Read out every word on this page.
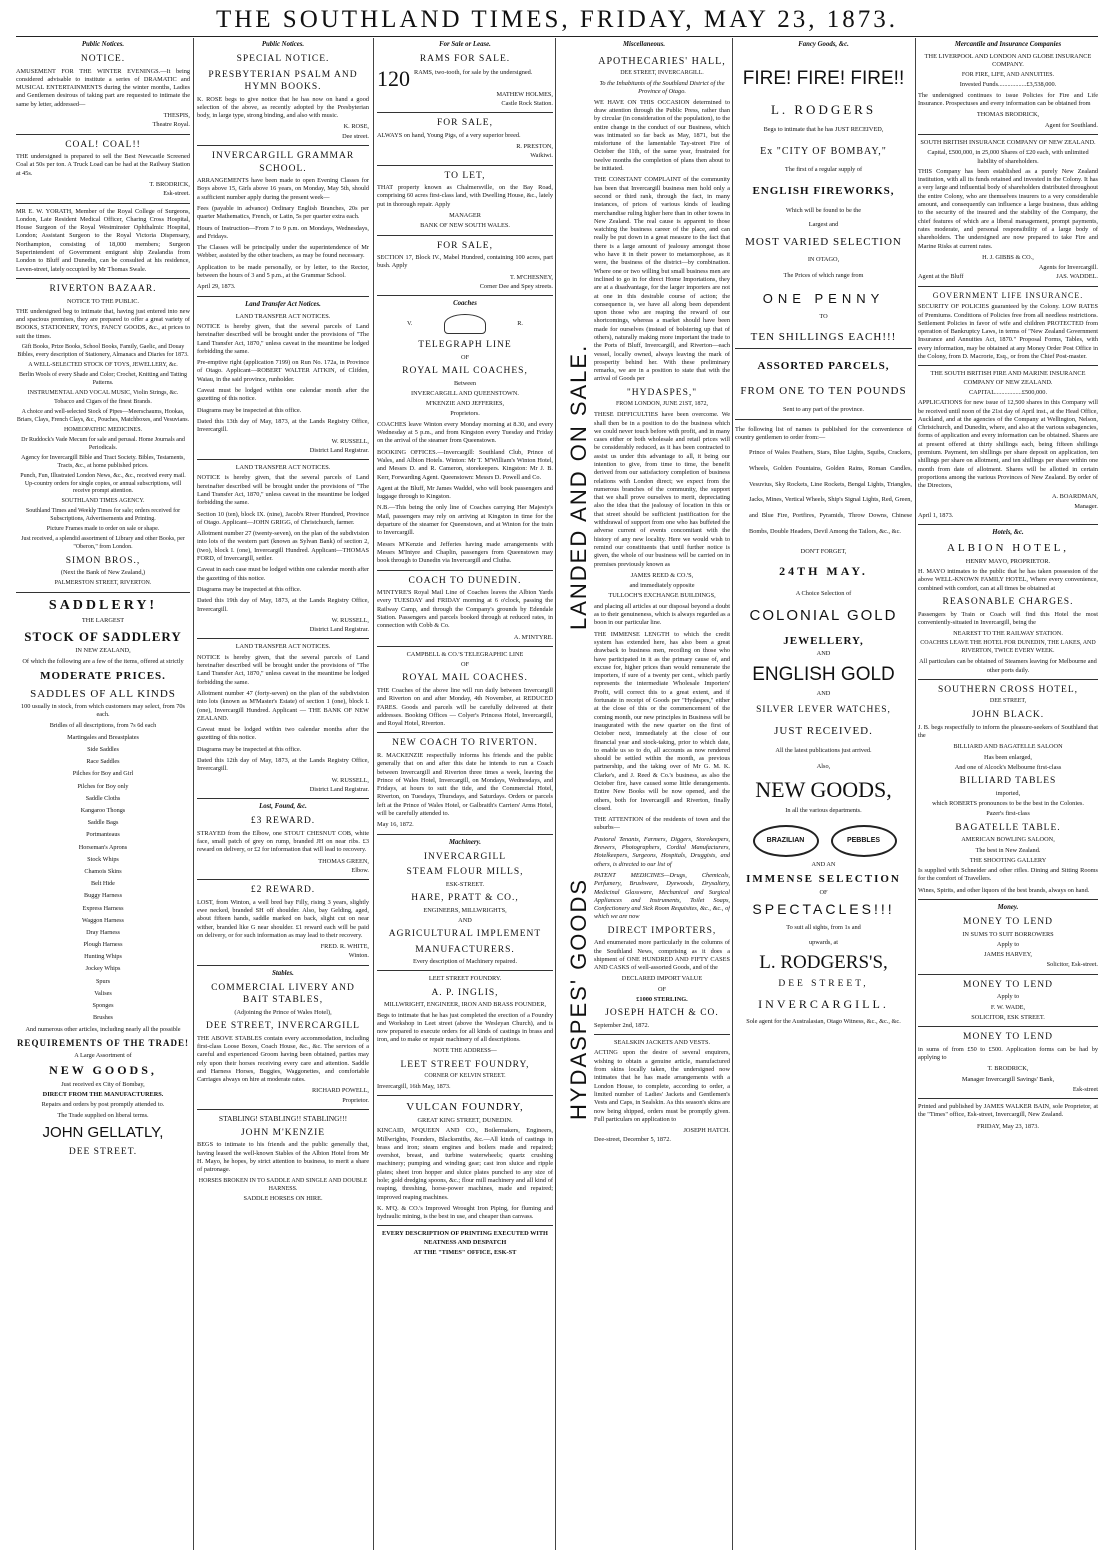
THE SOUTHLAND TIMES, FRIDAY, MAY 23, 1873.
Public Notices.
NOTICE.
AMUSEMENT FOR THE WINTER EVENINGS.—It being considered advisable to institute a series of DRAMATIC and MUSICAL ENTERTAINMENTS during the winter months, Ladies and Gentlemen desirous of taking part are requested to intimate the same by letter, addressed—
THESPIS,
Theatre Royal.
COAL! COAL!!
THE undersigned is prepared to sell the Best Newcastle Screened Coal at 50s per ton. A Truck Load can be had at the Railway Station at 45s.
T. BRODRICK,
Esk-street.
MR E. W. YORATH, Member of the Royal College of Surgeons, London, Late Resident Medical Officer, Charing Cross Hospital, House Surgeon of the Royal Westminster Ophthalmic Hospital, London; Assistant Surgeon to the Royal Victoria Dispensary, Northampton, consisting of 18,000 members; Surgeon Superintendent of Government emigrant ship Zealandia from London to Bluff and Dunedin, can be consulted at his residence, Leven-street, lately occupied by Mr Thomas Swale.
RIVERTON BAZAAR.
NOTICE TO THE PUBLIC.
THE undersigned beg to intimate that, having just entered into new and spacious premises, they are prepared to offer a great variety of BOOKS, STATIONERY, TOYS, FANCY GOODS, &c., at prices to suit the times.
Gift Books, Prize Books, School Books, Family, Gaelic, and Douay Bibles, every description of Stationery, Almanacs and Diaries for 1873.
A WELL-SELECTED STOCK OF TOYS, JEWELLERY, &c.
Berlin Wools of every Shade and Color; Crochet, Knitting and Tatting Patterns.
INSTRUMENTAL AND VOCAL MUSIC, Violin Strings, &c.
Tobacco and Cigars of the finest Brands.
A choice and well-selected Stock of Pipes—Meerschaums, Hookas, Briars, Clays, French Clays, &c., Pouches, Matchboxes, and Vesuvians.
HOMEOPATHIC MEDICINES.
Dr Ruddock's Vade Mecum for sale and perusal. Home Journals and Periodicals.
Agency for Invercargill Bible and Tract Society. Bibles, Testaments, Tracts, &c., at home published prices.
Punch, Fun, Illustrated London News, &c., &c., received every mail. Up-country orders for single copies, or annual subscriptions, will receive prompt attention.
SOUTHLAND TIMES AGENCY.
Southland Times and Weekly Times for sale; orders received for Subscriptions, Advertisements and Printing.
Picture Frames made to order on sale or shape.
Just received, a splendid assortment of Library and other Books, per "Oberon," from London.
SIMON BROS.,
(Next the Bank of New Zealand,)
PALMERSTON STREET, RIVERTON.
SADDLERY!
THE LARGEST
STOCK OF SADDLERY
IN NEW ZEALAND,
Of which the following are a few of the items, offered at strictly
MODERATE PRICES.
SADDLES OF ALL KINDS
100 usually in stock, from which customers may select, from 70s each.
Bridles of all descriptions, from 7s 6d each
Martingales and Breastplates
Side Saddles
Race Saddles
Pilches for Boy and Girl
Pilches for Boy only
Saddle Cloths
Kangaroo Thongs
Saddle Bags
Portmanteaus
Horseman's Aprons
Stock Whips
Chamois Skins
Belt Hide
Buggy Harness
Express Harness
Waggon Harness
Dray Harness
Plough Harness
Hunting Whips
Jockey Whips
Spurs
Valises
Sponges
Brushes
And numerous other articles, including nearly all the possible
REQUIREMENTS OF THE TRADE!
A Large Assortment of
NEW GOODS,
Just received ex City of Bombay,
DIRECT FROM THE MANUFACTURERS.
Repairs and orders by post promptly attended to.
The Trade supplied on liberal terms.
JOHN GELLATLY,
DEE STREET.
Public Notices.
SPECIAL NOTICE.
PRESBYTERIAN PSALM AND HYMN BOOKS.
K. ROSE begs to give notice that he has now on hand a good selection of the above, as recently adopted by the Presbyterian body, in large type, strong binding, and also with music.
K. ROSE,
Dee street.
INVERCARGILL GRAMMAR SCHOOL.
ARRANGEMENTS have been made to open Evening Classes for Boys above 15, Girls above 16 years, on Monday, May 5th, should a sufficient number apply during the present week—
Fees (payable in advance) Ordinary English Branches, 20s per quarter Mathematics, French, or Latin, 5s per quarter extra each.
Hours of Instruction—From 7 to 9 p.m. on Mondays, Wednesdays, and Fridays.
The Classes will be principally under the superintendence of Mr Webber, assisted by the other teachers, as may be found necessary.
Application to be made personally, or by letter, to the Rector, between the hours of 3 and 5 p.m., at the Grammar School.
April 29, 1873.
Land Transfer Act Notices.
LAND TRANSFER ACT NOTICES.
NOTICE is hereby given, that the several parcels of Land hereinafter described will be brought under the provisions of "The Land Transfer Act, 1870," unless caveat in the meantime be lodged forbidding the same.
Pre-emptive right (application 7199) on Run No. 172a, in Province of Otago. Applicant—ROBERT WALTER AITKIN, of Clifden, Waiau, in the said province, runholder.
Caveat must be lodged within one calendar month after the gazetting of this notice.
Diagrams may be inspected at this office.
Dated this 13th day of May, 1873, at the Lands Registry Office, Invercargill.
W. RUSSELL,
District Land Registrar.
LAND TRANSFER ACT NOTICES.
NOTICE is hereby given, that the several parcels of Land hereinafter described will be brought under the provisions of "The Land Transfer Act, 1870," unless caveat in the meantime be lodged forbidding the same.
Section 10 (ten), block IX. (nine), Jacob's River Hundred, Province of Otago. Applicant—JOHN GRIGG, of Christchurch, farmer.
Allotment number 27 (twenty-seven), on the plan of the subdivision into lots of the western part (known as Sylvan Bank) of section 2, (two), block I. (one), Invercargill Hundred. Applicant—THOMAS FORD, of Invercargill, settler.
Caveat in each case must be lodged within one calendar month after the gazetting of this notice.
Diagrams may be inspected at this office.
Dated this 19th day of May, 1873, at the Lands Registry Office, Invercargill.
W. RUSSELL,
District Land Registrar.
LAND TRANSFER ACT NOTICES.
NOTICE is hereby given, that the several parcels of Land hereinafter described will be brought under the provisions of "The Land Transfer Act, 1870," unless caveat in the meantime be lodged forbidding the same.
Allotment number 47 (forty-seven) on the plan of the subdivision into lots (known as M'Master's Estate) of section 1 (one), block I. (one), Invercargill Hundred. Applicant — THE BANK OF NEW ZEALAND.
Caveat must be lodged within two calendar months after the gazetting of this notice.
Diagrams may be inspected at this office.
Dated this 12th day of May, 1873, at the Lands Registry Office, Invercargill.
W. RUSSELL,
District Land Registrar.
Lost, Found, &c.
£3 REWARD.
STRAYED from the Elbow, one STOUT CHESNUT COB, white face, small patch of grey on rump, branded JH on near ribs. £3 reward on delivery, or £2 for information that will lead to recovery.
THOMAS GREEN,
Elbow.
£2 REWARD.
LOST, from Winton, a well bred bay Filly, rising 3 years, slightly ewe necked, branded SH off shoulder. Also, bay Gelding, aged, about fifteen hands, saddle marked on back, slight cut on near wither, branded like G near shoulder. £1 reward each will be paid on delivery, or for such information as may lead to their recovery.
FRED. R. WHITE,
Winton.
Stables.
COMMERCIAL LIVERY AND BAIT STABLES,
(Adjoining the Prince of Wales Hotel),
DEE STREET, INVERCARGILL
THE ABOVE STABLES contain every accommodation, including first-class Loose Boxes, Coach House, &c., &c. The services of a careful and experienced Groom having been obtained, parties may rely upon their horses receiving every care and attention. Saddle and Harness Horses, Buggies, Waggonettes, and comfortable Carriages always on hire at moderate rates.
RICHARD POWELL,
Proprietor.
STABLING! STABLING!! STABLING!!!
JOHN M'KENZIE
BEGS to intimate to his friends and the public generally that, having leased the well-known Stables of the Albion Hotel from Mr H. Mayo, he hopes, by strict attention to business, to merit a share of patronage.
HORSES BROKEN IN TO SADDLE AND SINGLE AND DOUBLE HARNESS.
SADDLE HORSES ON HIRE.
For Sale or Lease.
RAMS FOR SALE.
120 RAMS, two-tooth, for sale by the undersigned.
MATHEW HOLMES,
Castle Rock Station.
FOR SALE,
ALWAYS on hand, Young Pigs, of a very superior breed.
R. PRESTON,
Waikiwi.
TO LET,
THAT property known as Chalmersville, on the Bay Road, comprising 60 acres first-class land, with Dwelling House, &c., lately put in thorough repair. Apply
MANAGER
BANK OF NEW SOUTH WALES.
FOR SALE,
SECTION 17, Block IV., Mabel Hundred, containing 100 acres, part bush. Apply
T. M'CHESNEY,
Corner Dee and Spey streets.
Coaches
V.	R.
TELEGRAPH LINE
OF
ROYAL MAIL COACHES,
Between
INVERCARGILL AND QUEENSTOWN.
M'KENZIE AND JEFFERIES,
Proprietors.
COACHES leave Winton every Monday morning at 8.30, and every Wednesday at 5 p.m., and from Kingston every Tuesday and Friday on the arrival of the steamer from Queenstown.
BOOKING OFFICES.—Invercargill: Southland Club, Prince of Wales, and Albion Hotels. Winton: Mr T. M'William's Winton Hotel, and Messrs D. and R. Cameron, storekeepers. Kingston: Mr J. B. Kerr, Forwarding Agent. Queenstown: Messrs D. Powell and Co.
Agent at the Bluff, Mr James Waddel, who will book passengers and luggage through to Kingston.
N.B.—This being the only line of Coaches carrying Her Majesty's Mail, passengers may rely on arriving at Kingston in time for the departure of the steamer for Queenstown, and at Winton for the train to Invercargill.
Messrs M'Kenzie and Jefferies having made arrangements with Messrs M'Intyre and Chaplin, passengers from Queenstown may book through to Dunedin via Invercargill and Clutha.
COACH TO DUNEDIN.
M'INTYRE'S Royal Mail Line of Coaches leaves the Albion Yards every TUESDAY and FRIDAY morning at 6 o'clock, passing the Railway Camp, and through the Company's grounds by Edendale Station. Passengers and parcels booked through at reduced rates, in connection with Cobb & Co.
A. M'INTYRE.
CAMPBELL & CO.'S TELEGRAPHIC LINE
OF
ROYAL MAIL COACHES.
THE Coaches of the above line will run daily between Invercargill and Riverton on and after Monday, 4th November, at REDUCED FARES. Goods and parcels will be carefully delivered at their addresses. Booking Offices — Colyer's Princess Hotel, Invercargill, and Royal Hotel, Riverton.
NEW COACH TO RIVERTON.
R. MACKENZIE respectfully informs his friends and the public generally that on and after this date he intends to run a Coach between Invercargill and Riverton three times a week, leaving the Prince of Wales Hotel, Invercargill, on Mondays, Wednesdays, and Fridays, at hours to suit the tide, and the Commercial Hotel, Riverton, on Tuesdays, Thursdays, and Saturdays. Orders or parcels left at the Prince of Wales Hotel, or Galbraith's Carriers' Arms Hotel, will be carefully attended to.
May 16, 1872.
Machinery.
INVERCARGILL
STEAM FLOUR MILLS,
ESK-STREET.
HARE, PRATT & CO.,
ENGINEERS, MILLWRIGHTS,
AND
AGRICULTURAL IMPLEMENT
MANUFACTURERS.
Every description of Machinery repaired.
LEET STREET FOUNDRY.
A. P. INGLIS,
MILLWRIGHT, ENGINEER, IRON AND BRASS FOUNDER,
Begs to intimate that he has just completed the erection of a Foundry and Workshop in Leet street (above the Wesleyan Church), and is now prepared to execute orders for all kinds of castings in brass and iron, and to make or repair machinery of all descriptions.
NOTE THE ADDRESS—
LEET STREET FOUNDRY,
CORNER OF KELVIN STREET.
Invercargill, 16th May, 1873.
VULCAN FOUNDRY,
GREAT KING STREET, DUNEDIN.
KINCAID, M'QUEEN AND CO., Boilermakers, Engineers, Millwrights, Founders, Blacksmiths, &c.—All kinds of castings in brass and iron; steam engines and boilers made and repaired; overshot, breast, and turbine waterwheels; quartz crushing machinery; pumping and winding gear; cast iron sluice and ripple plates; sheet iron hopper and sluice plates punched to any size of hole; gold dredging spoons, &c.; flour mill machinery and all kind of reaping, threshing, horse-power machines, made and repaired; improved reaping machines.
K. M'Q. & CO.'s Improved Wrought Iron Piping, for fluming and hydraulic mining, is the best in use, and cheaper than canvass.
EVERY DESCRIPTION OF PRINTING EXECUTED WITH NEATNESS AND DESPATCH
AT THE "TIMES" OFFICE, ESK-ST
Miscellaneous.
LANDED AND ON SALE.
HYDASPES' GOODS
APOTHECARIES' HALL,
DEE STREET, INVERCARGILL.
To the Inhabitants of the Southland District of the Province of Otago.
WE HAVE ON THIS OCCASION determined to draw attention through the Public Press, rather than by circular (in consideration of the population), to the entire change in the conduct of our Business, which was intimated so far back as May, 1871, but the misfortune of the lamentable Tay-street Fire of October the 11th, of the same year, frustrated for twelve months the completion of plans then about to be initiated.
THE CONSTANT COMPLAINT of the community has been that Invercargill business men hold only a second or third rank, through the fact, in many instances, of prices of various kinds of leading merchandise ruling higher here than in other towns in New Zealand. The real cause is apparent to those watching the business career of the place, and can really be put down in a great measure to the fact that there is a large amount of jealousy amongst those who have it in their power to metamorphose, as it were, the business of the district—by combination. Where one or two willing but small business men are inclined to go in for direct Home Importations, they are at a disadvantage, for the larger importers are not at one in this desirable course of action; the consequence is, we have all along been dependent upon those who are reaping the reward of our shortcomings, whereas a market should have been made for ourselves (instead of bolstering up that of others), naturally making more important the trade to the Ports of Bluff, Invercargill, and Riverton—each vessel, locally owned, always leaving the mark of prosperity behind her. With these preliminary remarks, we are in a position to state that with the arrival of Goods per
"HYDASPES,"
FROM LONDON, JUNE 21ST, 1872,
THESE DIFFICULTIES have been overcome. We shall then be in a position to do the business which we could never touch before with profit, and in many cases either or both wholesale and retail prices will be considerably reduced, as it has been contracted to assist us under this advantage to all, it being our intention to give, from time to time, the benefit derived from our satisfactory completion of business relations with London direct; we expect from the numerous branches of the community, the support that we shall prove ourselves to merit, depreciating also the idea that the jealousy of location in this or that street should be sufficient justification for the withdrawal of support from one who has buffeted the adverse current of events concomitant with the history of any new locality. Here we would wish to remind our constituents that until further notice is given, the whole of our business will be carried on in premises previously known as
JAMES REED & CO.'S,
and immediately opposite
TULLOCH'S EXCHANGE BUILDINGS,
and placing all articles at our disposal beyond a doubt as to their genuineness, which is always regarded as a boon in our particular line.
THE IMMENSE LENGTH to which the credit system has extended here, has also been a great drawback to business men, recoiling on those who have participated in it as the primary cause of, and excuse for, higher prices than would remunerate the importers, if sure of a twenty per cent., which partly represents the intermediate Wholesale Importers' Profit, will correct this to a great extent, and if fortunate in receipt of Goods per "Hydaspes," either at the close of this or the commencement of the coming month, our new principles in Business will be inaugurated with the new quarter on the first of October next, immediately at the close of our financial year and stock-taking, prior to which date, to enable us so to do, all accounts as now rendered should be settled within the month, as previous partnership, and the taking over of Mr G. M. K. Clarke's, and J. Reed & Co.'s business, as also the October fire, have caused some little derangements. Entire New Books will be now opened, and the others, both for Invercargill and Riverton, finally closed.
THE ATTENTION of the residents of town and the suburbs—
Pastoral Tenants, Farmers, Diggers, Storekeepers, Brewers, Photographers, Cordial Manufacturers, Hotelkeepers, Surgeons, Hospitals, Druggists, and others, is directed to our list of
PATENT MEDICINES—Drugs, Chemicals, Perfumery, Brushware, Dyewoods, Drysaltery, Medicinal Glassware, Mechanical and Surgical Appliances and Instruments, Toilet Soaps, Confectionery and Sick Room Requisites, &c., &c., of which we are now
DIRECT IMPORTERS,
And enumerated more particularly in the columns of the Southland News, comprising as it does a shipment of ONE HUNDRED AND FIFTY CASES AND CASKS of well-assorted Goods, and of the
DECLARED IMPORT VALUE
OF
£1000 STERLING.
JOSEPH HATCH & CO.
September 2nd, 1872.
SEALSKIN JACKETS AND VESTS.
ACTING upon the desire of several enquirers, wishing to obtain a genuine article, manufactured from skins locally taken, the undersigned now intimates that he has made arrangements with a London House, to complete, according to order, a limited number of Ladies' Jackets and Gentlemen's Vests and Caps, in Sealskin. As this season's skins are now being shipped, orders must be promptly given. Full particulars on application to
JOSEPH HATCH.
Dee-street, December 5, 1872.
Fancy Goods, &c.
FIRE! FIRE! FIRE!!
L. RODGERS
Begs to intimate that he has JUST RECEIVED,
Ex "CITY OF BOMBAY,"
The first of a regular supply of
ENGLISH FIREWORKS,
Which will be found to be the
Largest and
MOST VARIED SELECTION
IN OTAGO,
The Prices of which range from
ONE PENNY
TO
TEN SHILLINGS EACH!!!
ASSORTED PARCELS,
FROM ONE TO TEN POUNDS
Sent to any part of the province.
The following list of names is published for the convenience of country gentlemen to order from:—
Prince of Wales Feathers, Stars, Blue Lights, Squibs, Crackers, Wheels, Golden Fountains, Golden Rains, Roman Candles, Vesuvius, Sky Rockets, Line Rockets, Bengal Lights, Triangles, Jacks, Mines, Vertical Wheels, Ship's Signal Lights, Red, Green, and Blue Fire, Portfires, Pyramids, Throw Downs, Chinese Bombs, Double Headers, Devil Among the Tailors, &c., &c.
DON'T FORGET,
24TH MAY.
A Choice Selection of
COLONIAL GOLD
JEWELLERY,
AND
ENGLISH GOLD
AND
SILVER LEVER WATCHES,
JUST RECEIVED.
All the latest publications just arrived.
Also,
NEW GOODS,
In all the various departments.
BRAZILIAN	PEBBLES
AND AN
IMMENSE SELECTION
OF
SPECTACLES!!!
To suit all sights, from 1s and
upwards, at
L. RODGERS'S,
DEE STREET,
INVERCARGILL.
Sole agent for the Australasian, Otago Witness, &c., &c., &c.
Mercantile and Insurance Companies
THE LIVERPOOL AND LONDON AND GLOBE INSURANCE COMPANY.
FOR FIRE, LIFE, AND ANNUITIES.
Invested Funds..................£3,538,000.
The undersigned continues to issue Policies for Fire and Life Insurance. Prospectuses and every information can be obtained from
THOMAS BRODRICK,
Agent for Southland.
SOUTH BRITISH INSURANCE COMPANY OF NEW ZEALAND.
Capital, £500,000, in 25,000 Shares of £20 each, with unlimited liability of shareholders.
THIS Company has been established as a purely New Zealand institution, with all its funds retained and invested in the Colony. It has a very large and influential body of shareholders distributed throughout the entire Colony, who are themselves insurers to a very considerable amount, and consequently can influence a large business, thus adding to the security of the insured and the stability of the Company, the chief features of which are a liberal management, prompt payments, rates moderate, and personal responsibility of a large body of shareholders. The undersigned are now prepared to take Fire and Marine Risks at current rates.
H. J. GIBBS & CO.,
Agents for Invercargill.
Agent at the Bluff	JAS. WADDEL.
GOVERNMENT LIFE INSURANCE.
SECURITY OF POLICIES guaranteed by the Colony. LOW RATES of Premiums. Conditions of Policies free from all needless restrictions. Settlement Policies in favor of wife and children PROTECTED from operation of Bankruptcy Laws, in terms of "New Zealand Government Insurance and Annuities Act, 1870." Proposal Forms, Tables, with every information, may be obtained at any Money Order Post Office in the Colony, from D. Macrorie, Esq., or from the Chief Post-master.
THE SOUTH BRITISH FIRE AND MARINE INSURANCE COMPANY OF NEW ZEALAND.
CAPITAL.................£500,000.
APPLICATIONS for new issue of 12,500 shares in this Company will be received until noon of the 21st day of April inst., at the Head Office, Auckland, and at the agencies of the Company at Wellington, Nelson, Christchurch, and Dunedin, where, and also at the various subagencies, forms of application and every information can be obtained. Shares are at present offered at thirty shillings each, being fifteen shillings premium. Payment, ten shillings per share deposit on application, ten shillings per share on allotment, and ten shillings per share within one month from date of allotment. Shares will be allotted in certain proportions among the various Provinces of New Zealand. By order of the Directors,
A. BOARDMAN,
Manager.
April 1, 1873.
Hotels, &c.
ALBION HOTEL,
HENRY MAYO, PROPRIETOR.
H. MAYO intimates to the public that he has taken possession of the above WELL-KNOWN FAMILY HOTEL, Where every convenience, combined with comfort, can at all times be obtained at
REASONABLE CHARGES.
Passengers by Train or Coach will find this Hotel the most conveniently-situated in Invercargill, being the
NEAREST TO THE RAILWAY STATION.
COACHES LEAVE THE HOTEL FOR DUNEDIN, THE LAKES, AND RIVERTON, TWICE EVERY WEEK.
All particulars can be obtained of Steamers leaving for Melbourne and other ports daily.
SOUTHERN CROSS HOTEL,
DEE STREET,
JOHN BLACK.
J. B. begs respectfully to inform the pleasure-seekers of Southland that the
BILLIARD AND BAGATELLE SALOON
Has been enlarged,
And one of Alcock's Melbourne first-class
BILLIARD TABLES
imported,
which ROBERTS pronounces to be the best in the Colonies.
Pazer's first-class
BAGATELLE TABLE.
AMERICAN BOWLING SALOON,
The best in New Zealand.
THE SHOOTING GALLERY
Is supplied with Schneider and other rifles. Dining and Sitting Rooms for the comfort of Travellers.
Wines, Spirits, and other liquors of the best brands, always on hand.
Money.
MONEY TO LEND
IN SUMS TO SUIT BORROWERS
Apply to
JAMES HARVEY,
Solicitor, Esk-street.
MONEY TO LEND
Apply to
F. W. WADE,
SOLICITOR, ESK STREET.
MONEY TO LEND
in sums of from £50 to £500. Application forms can be had by applying to
T. BRODRICK,
Manager Invercargill Savings' Bank,
Esk-street
Printed and published by JAMES WALKER BAIN, sole Proprietor, at the "Times" office, Esk-street, Invercargill, New Zealand.
FRIDAY, May 23, 1873.
